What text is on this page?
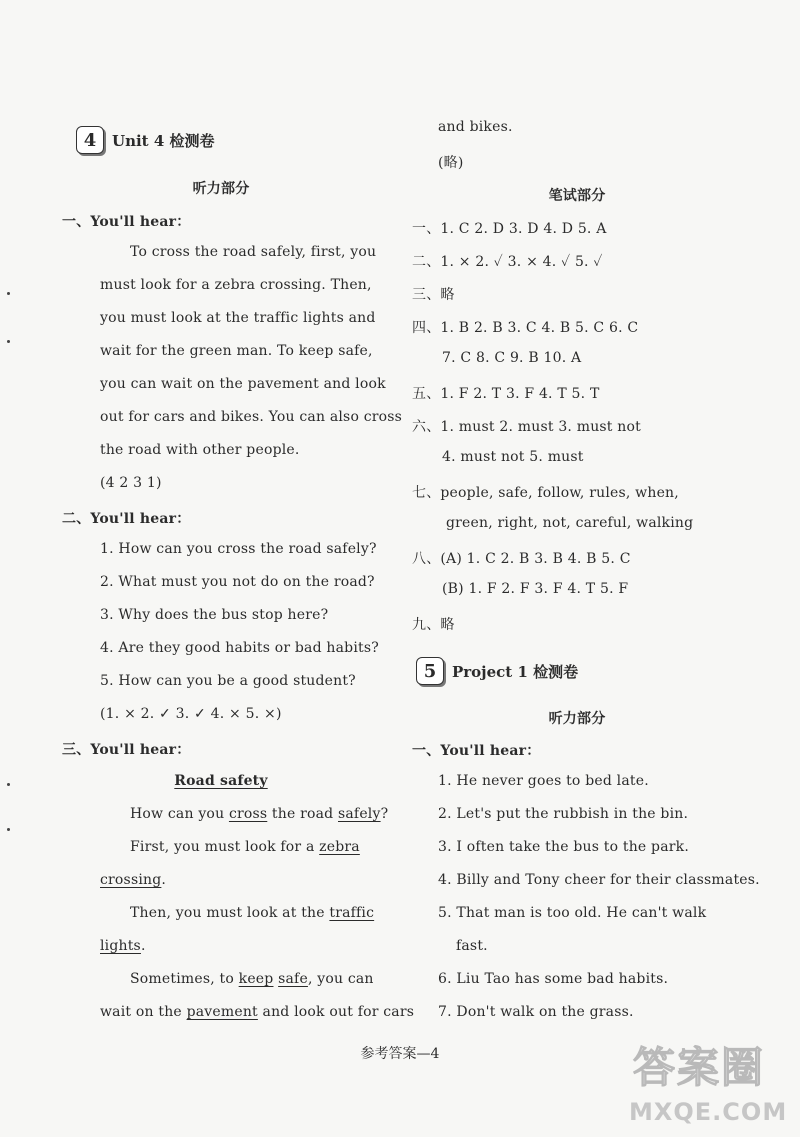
4	Unit 4 检测卷
听力部分
一、You'll hear：
To cross the road safely, first, you
must look for a zebra crossing. Then,
you must look at the traffic lights and
wait for the green man. To keep safe,
you can wait on the pavement and look
out for cars and bikes. You can also cross
the road with other people.
(4 2 3 1)
二、You'll hear：
1. How can you cross the road safely?
2. What must you not do on the road?
3. Why does the bus stop here?
4. Are they good habits or bad habits?
5. How can you be a good student?
(1. × 2. ✓ 3. ✓ 4. × 5. ×)
三、You'll hear：
Road safety
How can you cross the road safely?
First, you must look for a zebra
crossing.
Then, you must look at the traffic
lights.
Sometimes, to keep safe, you can
wait on the pavement and look out for cars
and bikes.
(略)
笔试部分
一、1. C 2. D 3. D 4. D 5. A
二、1. × 2. ✓ 3. × 4. ✓ 5. ✓
三、略
四、1. B 2. B 3. C 4. B 5. C 6. C
7. C 8. C 9. B 10. A
五、1. F 2. T 3. F 4. T 5. T
六、1. must 2. must 3. must not
4. must not 5. must
七、people, safe, follow, rules, when,
green, right, not, careful, walking
八、(A) 1. C 2. B 3. B 4. B 5. C
(B) 1. F 2. F 3. F 4. T 5. F
九、略
5	Project 1 检测卷
听力部分
一、You'll hear：
1. He never goes to bed late.
2. Let's put the rubbish in the bin.
3. I often take the bus to the park.
4. Billy and Tony cheer for their classmates.
5. That man is too old. He can't walk
fast.
6. Liu Tao has some bad habits.
7. Don't walk on the grass.
参考答案—4	答案圈
MXQE.COM
